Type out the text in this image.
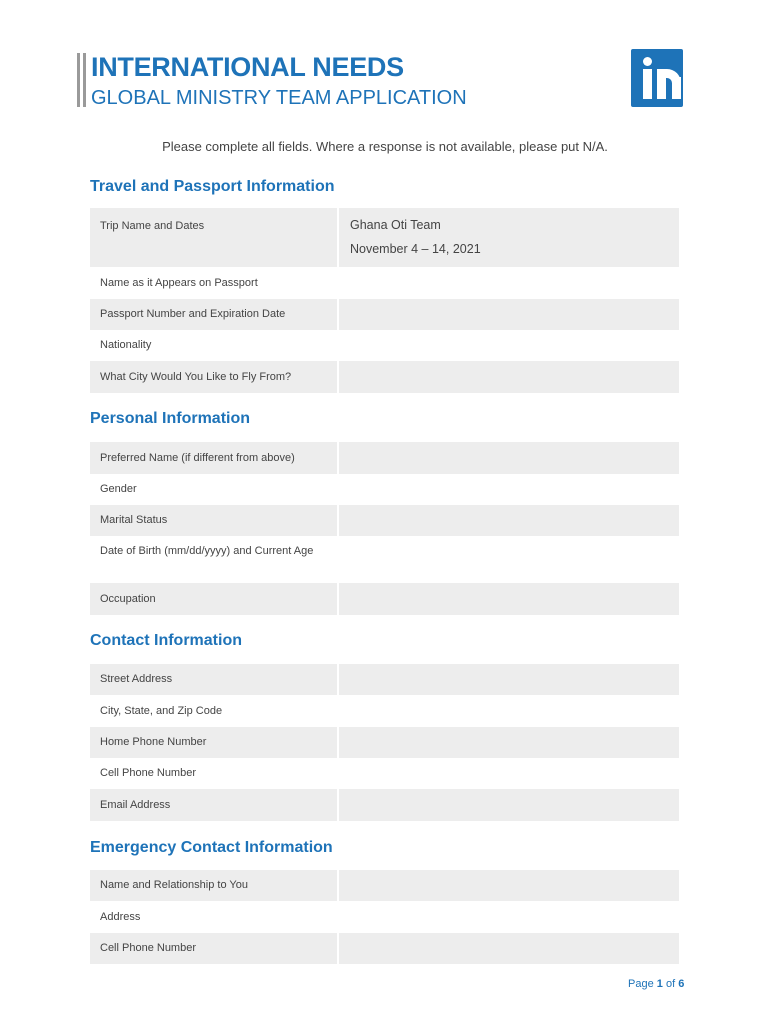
INTERNATIONAL NEEDS
GLOBAL MINISTRY TEAM APPLICATION
Please complete all fields. Where a response is not available, please put N/A.
Travel and Passport Information
Trip Name and Dates	Ghana Oti Team
November 4 – 14, 2021
Name as it Appears on Passport
Passport Number and Expiration Date
Nationality
What City Would You Like to Fly From?
Personal Information
Preferred Name (if different from above)
Gender
Marital Status
Date of Birth (mm/dd/yyyy) and Current Age
Occupation
Contact Information
Street Address
City, State, and Zip Code
Home Phone Number
Cell Phone Number
Email Address
Emergency Contact Information
Name and Relationship to You
Address
Cell Phone Number
Page 1 of 6
